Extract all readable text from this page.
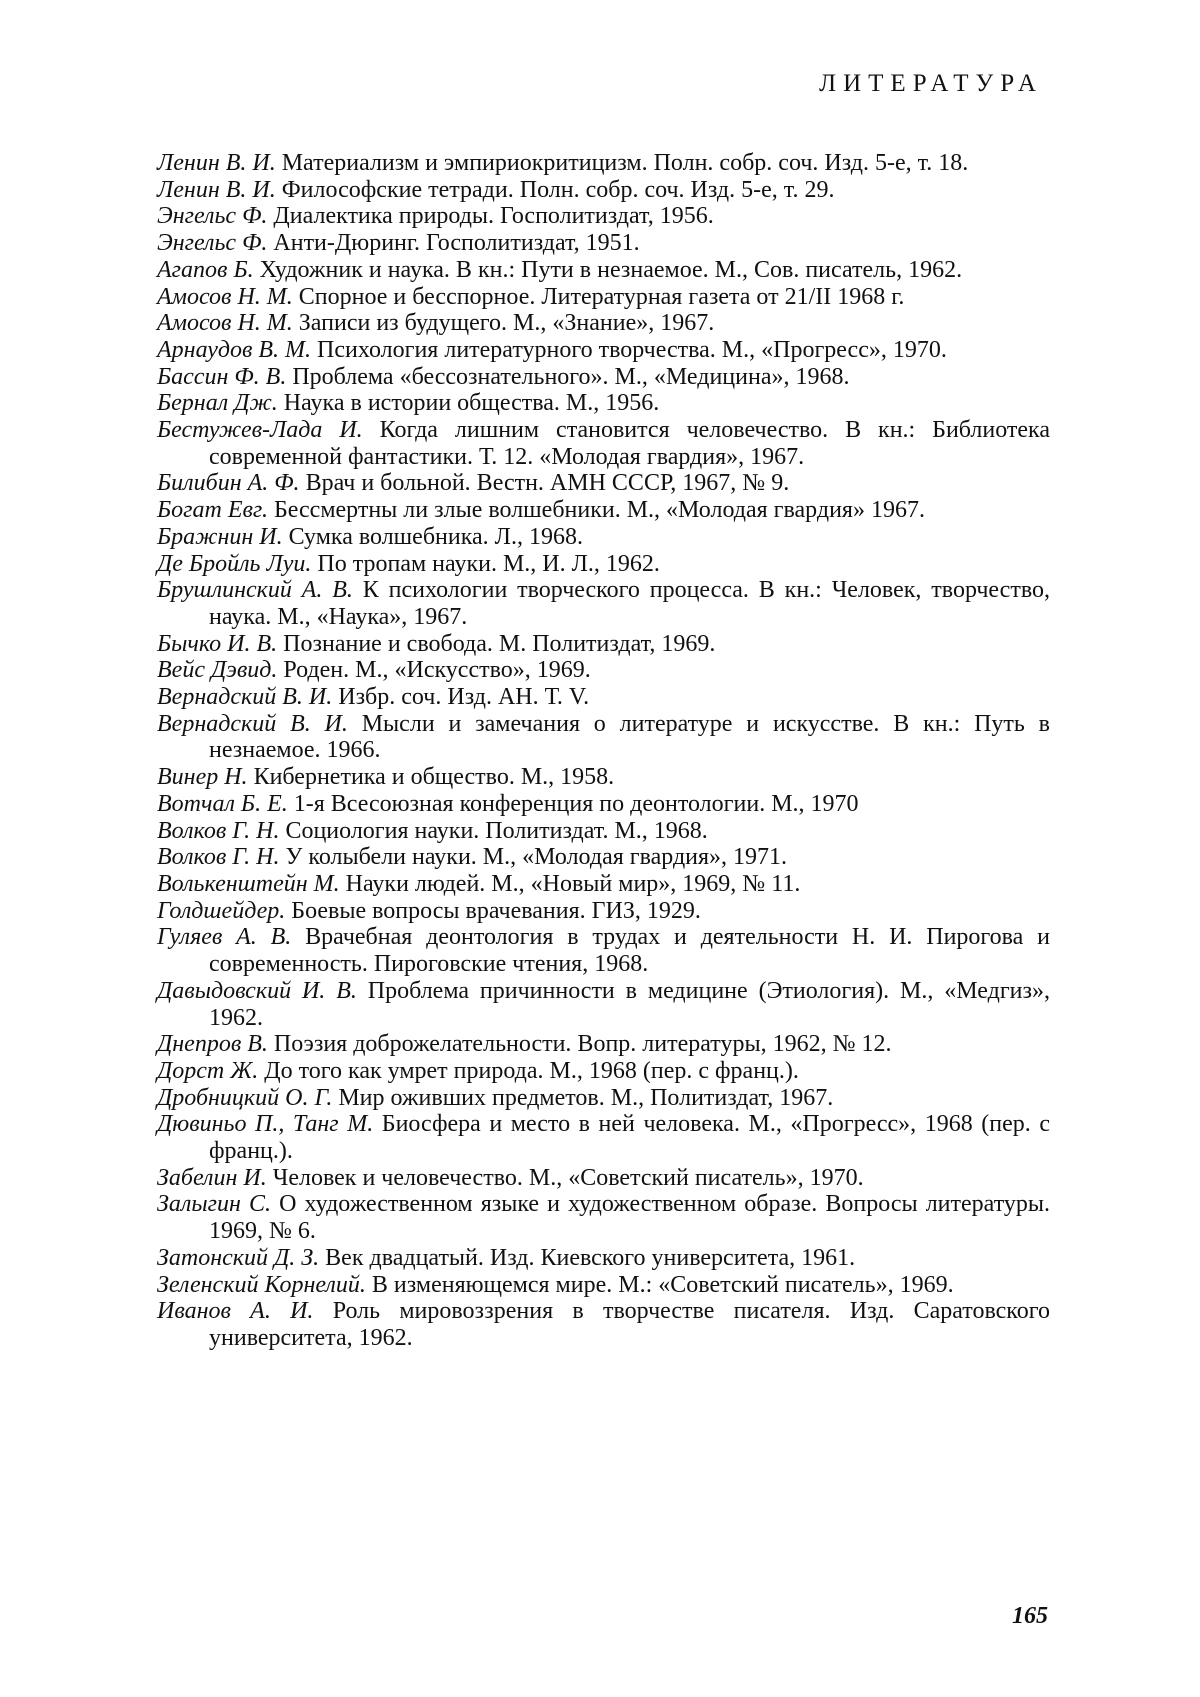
ЛИТЕРАТУРА

Ленин В. И. Материализм и эмпириокритицизм. Полн. собр. соч. Изд. 5-е, т. 18.

Ленин В. И. Философские тетради. Полн. собр. соч. Изд. 5-е, т. 29.

Энгельс Ф. Диалектика природы. Госполитиздат, 1956.

Энгельс Ф. Анти-Дюринг. Госполитиздат, 1951.

Агапов Б. Художник и наука. В кн.: Пути в незнаемое. М., Сов. писатель, 1962.

Амосов Н. М. Спорное и бесспорное. Литературная газета от 21/II 1968 г.

Амосов Н. М. Записи из будущего. М., «Знание», 1967.

Арнаудов В. М. Психология литературного творчества. М., «Прогресс», 1970.

Бассин Ф. В. Проблема «бессознательного». М., «Медицина», 1968.

Бернал Дж. Наука в истории общества. М., 1956.

Бестужев-Лада И. Когда лишним становится человечество. В кн.: Библиотека современной фантастики. Т. 12. «Молодая гвардия», 1967.

Билибин А. Ф. Врач и больной. Вестн. АМН СССР, 1967, № 9.

Богат Евг. Бессмертны ли злые волшебники. М., «Молодая гвардия» 1967.

Бражнин И. Сумка волшебника. Л., 1968.

Де Бройль Луи. По тропам науки. М., И. Л., 1962.

Брушлинский А. В. К психологии творческого процесса. В кн.: Человек, творчество, наука. М., «Наука», 1967.

Бычко И. В. Познание и свобода. М. Политиздат, 1969.

Вейс Дэвид. Роден. М., «Искусство», 1969.

Вернадский В. И. Избр. соч. Изд. АН. Т. V.

Вернадский В. И. Мысли и замечания о литературе и искусстве. В кн.: Путь в незнаемое. 1966.

Винер Н. Кибернетика и общество. М., 1958.

Вотчал Б. Е. 1-я Всесоюзная конференция по деонтологии. М., 1970

Волков Г. Н. Социология науки. Политиздат. М., 1968.

Волков Г. Н. У колыбели науки. М., «Молодая гвардия», 1971.

Волькенштейн М. Науки людей. М., «Новый мир», 1969, № 11.

Голдшейдер. Боевые вопросы врачевания. ГИЗ, 1929.

Гуляев А. В. Врачебная деонтология в трудах и деятельности Н. И. Пирогова и современность. Пироговские чтения, 1968.

Давыдовский И. В. Проблема причинности в медицине (Этиология). М., «Медгиз», 1962.

Днепров В. Поэзия доброжелательности. Вопр. литературы, 1962, № 12.

Дорст Ж. До того как умрет природа. М., 1968 (пер. с франц.).

Дробницкий О. Г. Мир оживших предметов. М., Политиздат, 1967.

Дювиньо П., Танг М. Биосфера и место в ней человека. М., «Прогресс», 1968 (пер. с франц.).

Забелин И. Человек и человечество. М., «Советский писатель», 1970.

Залыгин С. О художественном языке и художественном образе. Вопросы литературы. 1969, № 6.

Затонский Д. З. Век двадцатый. Изд. Киевского университета, 1961.

Зеленский Корнелий. В изменяющемся мире. М.: «Советский писатель», 1969.

Иванов А. И. Роль мировоззрения в творчестве писателя. Изд. Саратовского университета, 1962.

165
